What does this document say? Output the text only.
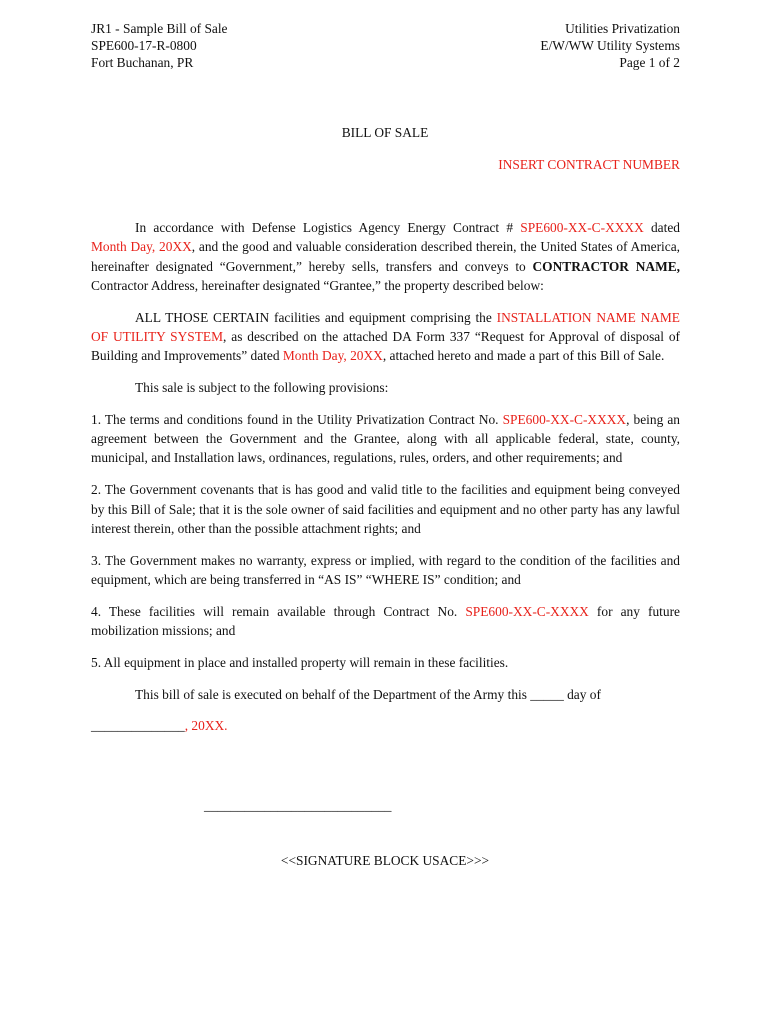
JR1 - Sample Bill of Sale
SPE600-17-R-0800
Fort Buchanan, PR
Utilities Privatization
E/W/WW Utility Systems
Page 1 of 2
BILL OF SALE
INSERT CONTRACT NUMBER

In accordance with Defense Logistics Agency Energy Contract # SPE600-XX-C-XXXX dated Month Day, 20XX, and the good and valuable consideration described therein, the United States of America, hereinafter designated “Government,” hereby sells, transfers and conveys to CONTRACTOR NAME, Contractor Address, hereinafter designated “Grantee,” the property described below:

ALL THOSE CERTAIN facilities and equipment comprising the INSTALLATION NAME NAME OF UTILITY SYSTEM, as described on the attached DA Form 337 “Request for Approval of disposal of Building and Improvements” dated Month Day, 20XX, attached hereto and made a part of this Bill of Sale.

This sale is subject to the following provisions:

1. The terms and conditions found in the Utility Privatization Contract No. SPE600-XX-C-XXXX, being an agreement between the Government and the Grantee, along with all applicable federal, state, county, municipal, and Installation laws, ordinances, regulations, rules, orders, and other requirements; and

2. The Government covenants that is has good and valid title to the facilities and equipment being conveyed by this Bill of Sale; that it is the sole owner of said facilities and equipment and no other party has any lawful interest therein, other than the possible attachment rights; and

3. The Government makes no warranty, express or implied, with regard to the condition of the facilities and equipment, which are being transferred in “AS IS” “WHERE IS” condition; and

4. These facilities will remain available through Contract No. SPE600-XX-C-XXXX for any future mobilization missions; and

5. All equipment in place and installed property will remain in these facilities.

This bill of sale is executed on behalf of the Department of the Army this _____ day of

______________, 20XX.

____________________________
<<SIGNATURE BLOCK USACE>>>
